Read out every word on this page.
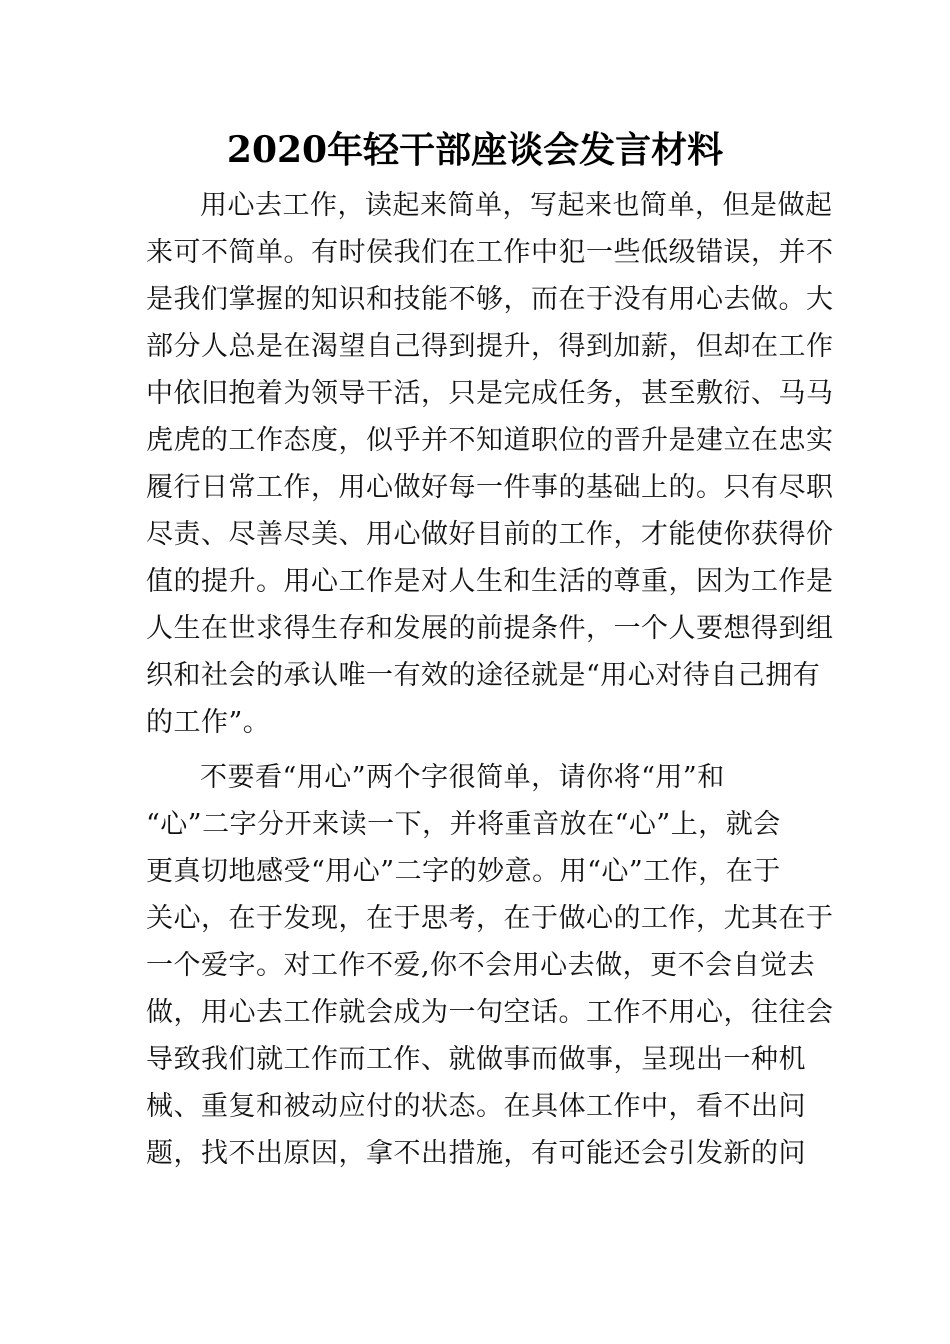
2020年轻干部座谈会发言材料
用心去工作，读起来简单，写起来也简单，但是做起
来可不简单。有时侯我们在工作中犯一些低级错误，并不
是我们掌握的知识和技能不够，而在于没有用心去做。大
部分人总是在渴望自己得到提升，得到加薪，但却在工作
中依旧抱着为领导干活，只是完成任务，甚至敷衍、马马
虎虎的工作态度，似乎并不知道职位的晋升是建立在忠实
履行日常工作，用心做好每一件事的基础上的。只有尽职
尽责、尽善尽美、用心做好目前的工作，才能使你获得价
值的提升。用心工作是对人生和生活的尊重，因为工作是
人生在世求得生存和发展的前提条件，一个人要想得到组
织和社会的承认唯一有效的途径就是“用心对待自己拥有
的工作”。
不要看“用心”两个字很简单，请你将“用”和
“心”二字分开来读一下，并将重音放在“心”上，就会
更真切地感受“用心”二字的妙意。用“心”工作，在于
关心，在于发现，在于思考，在于做心的工作，尤其在于
一个爱字。对工作不爱,你不会用心去做，更不会自觉去
做，用心去工作就会成为一句空话。工作不用心，往往会
导致我们就工作而工作、就做事而做事，呈现出一种机
械、重复和被动应付的状态。在具体工作中，看不出问
题，找不出原因，拿不出措施，有可能还会引发新的问
